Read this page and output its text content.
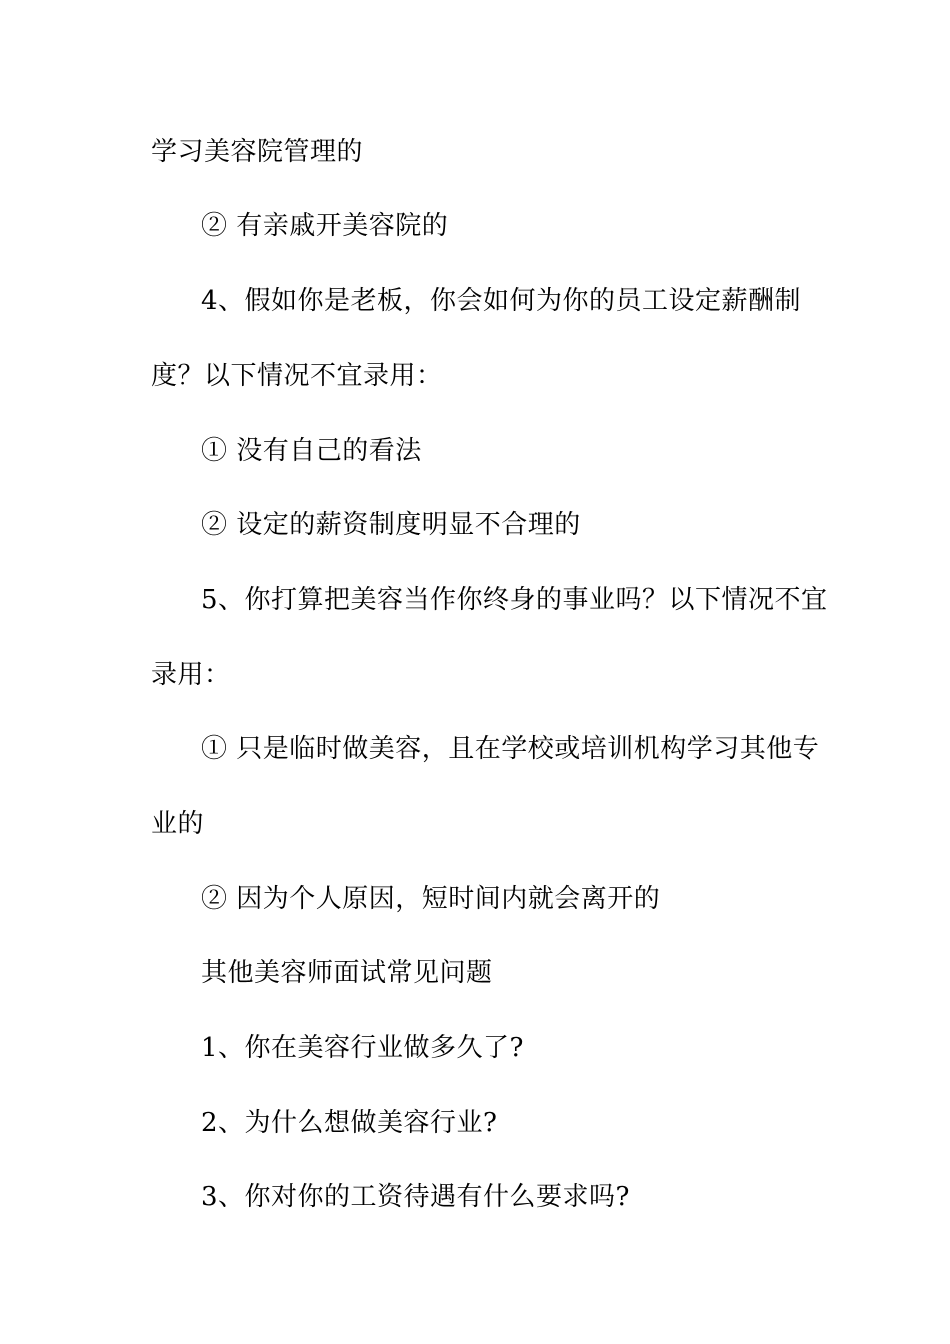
学习美容院管理的
② 有亲戚开美容院的
4、假如你是老板，你会如何为你的员工设定薪酬制
度？以下情况不宜录用：
① 没有自己的看法
② 设定的薪资制度明显不合理的
5、你打算把美容当作你终身的事业吗？以下情况不宜
录用：
① 只是临时做美容，且在学校或培训机构学习其他专
业的
② 因为个人原因，短时间内就会离开的
其他美容师面试常见问题
1、你在美容行业做多久了?
2、为什么想做美容行业?
3、你对你的工资待遇有什么要求吗?
